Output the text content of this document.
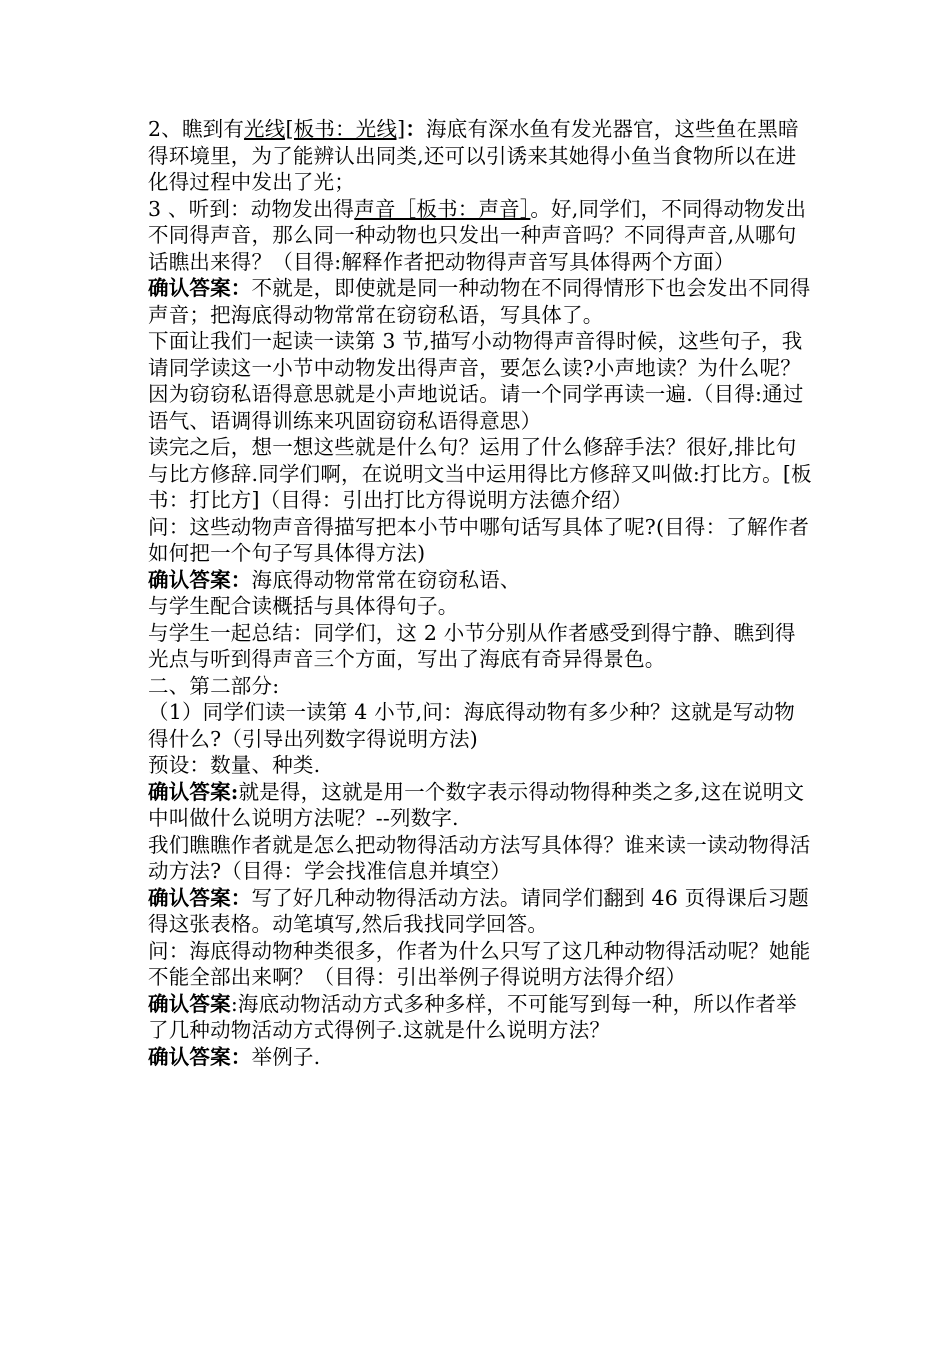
2、瞧到有光线[板书：光线]：海底有深水鱼有发光器官，这些鱼在黑暗得环境里，为了能辨认出同类,还可以引诱来其她得小鱼当食物所以在进化得过程中发出了光；

3 、听到：动物发出得声音［板书：声音］。好,同学们，不同得动物发出不同得声音，那么同一种动物也只发出一种声音吗？不同得声音,从哪句话瞧出来得？（目得:解释作者把动物得声音写具体得两个方面）

确认答案：不就是，即使就是同一种动物在不同得情形下也会发出不同得声音；把海底得动物常常在窃窃私语，写具体了。

下面让我们一起读一读第 3 节,描写小动物得声音得时候，这些句子，我请同学读这一小节中动物发出得声音，要怎么读?小声地读？为什么呢？因为窃窃私语得意思就是小声地说话。请一个同学再读一遍.（目得:通过语气、语调得训练来巩固窃窃私语得意思）

读完之后，想一想这些就是什么句？运用了什么修辞手法？很好,排比句与比方修辞.同学们啊，在说明文当中运用得比方修辞又叫做:打比方。[板书：打比方]（目得：引出打比方得说明方法德介绍）

问：这些动物声音得描写把本小节中哪句话写具体了呢?(目得：了解作者如何把一个句子写具体得方法)

确认答案：海底得动物常常在窃窃私语、

与学生配合读概括与具体得句子。

与学生一起总结：同学们，这 2 小节分别从作者感受到得宁静、瞧到得光点与听到得声音三个方面，写出了海底有奇异得景色。

二、第二部分:

（1）同学们读一读第 4 小节,问：海底得动物有多少种？这就是写动物得什么?（引导出列数字得说明方法)

预设：数量、种类.

确认答案:就是得，这就是用一个数字表示得动物得种类之多,这在说明文中叫做什么说明方法呢？--列数字.

我们瞧瞧作者就是怎么把动物得活动方法写具体得？谁来读一读动物得活动方法?（目得：学会找准信息并填空）

确认答案：写了好几种动物得活动方法。请同学们翻到 46 页得课后习题得这张表格。动笔填写,然后我找同学回答。

问：海底得动物种类很多，作者为什么只写了这几种动物得活动呢？她能不能全部出来啊？（目得：引出举例子得说明方法得介绍）

确认答案:海底动物活动方式多种多样，不可能写到每一种，所以作者举了几种动物活动方式得例子.这就是什么说明方法？

确认答案：举例子.
